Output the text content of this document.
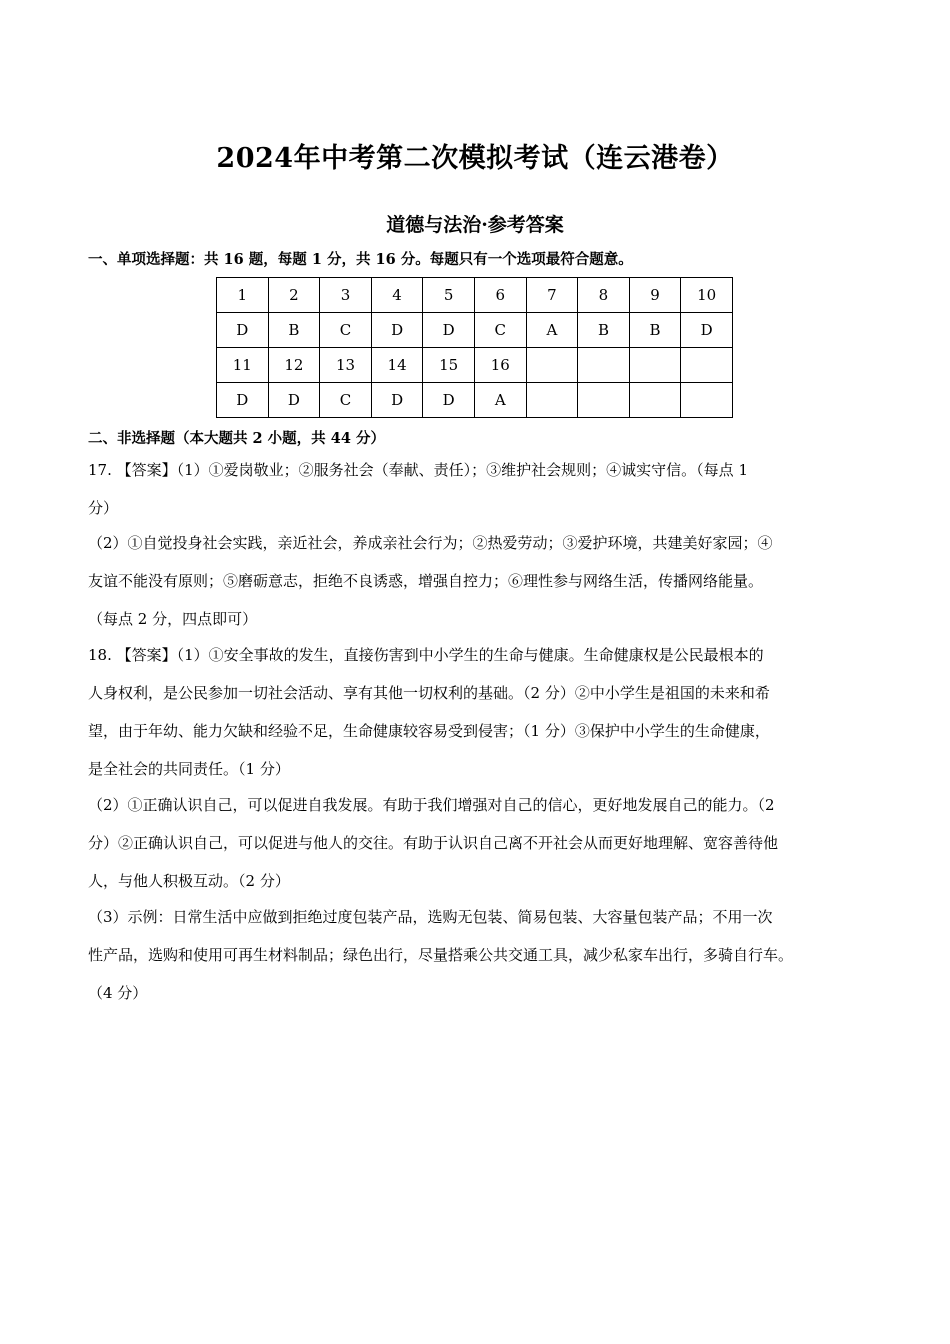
2024年中考第二次模拟考试（连云港卷）
道德与法治·参考答案
一、单项选择题：共 16 题，每题 1 分，共 16 分。每题只有一个选项最符合题意。
1	2	3	4	5	6	7	8	9	10
D	B	C	D	D	C	A	B	B	D
11	12	13	14	15	16				
D	D	C	D	D	A				
二、非选择题（本大题共 2 小题，共 44 分）
17. 【答案】（1）①爱岗敬业；②服务社会（奉献、责任）；③维护社会规则；④诚实守信。（每点 1
分）
（2）①自觉投身社会实践，亲近社会，养成亲社会行为；②热爱劳动；③爱护环境，共建美好家园；④
友谊不能没有原则；⑤磨砺意志，拒绝不良诱惑，增强自控力；⑥理性参与网络生活，传播网络能量。
（每点 2 分，四点即可）
18. 【答案】（1）①安全事故的发生，直接伤害到中小学生的生命与健康。生命健康权是公民最根本的
人身权利，是公民参加一切社会活动、享有其他一切权利的基础。（2 分）②中小学生是祖国的未来和希
望，由于年幼、能力欠缺和经验不足，生命健康较容易受到侵害；（1 分）③保护中小学生的生命健康，
是全社会的共同责任。（1 分）
（2）①正确认识自己，可以促进自我发展。有助于我们增强对自己的信心，更好地发展自己的能力。（2
分）②正确认识自己，可以促进与他人的交往。有助于认识自己离不开社会从而更好地理解、宽容善待他
人，与他人积极互动。（2 分）
（3）示例：日常生活中应做到拒绝过度包装产品，选购无包装、简易包装、大容量包装产品；不用一次
性产品，选购和使用可再生材料制品；绿色出行，尽量搭乘公共交通工具，减少私家车出行，多骑自行车。
（4 分）
